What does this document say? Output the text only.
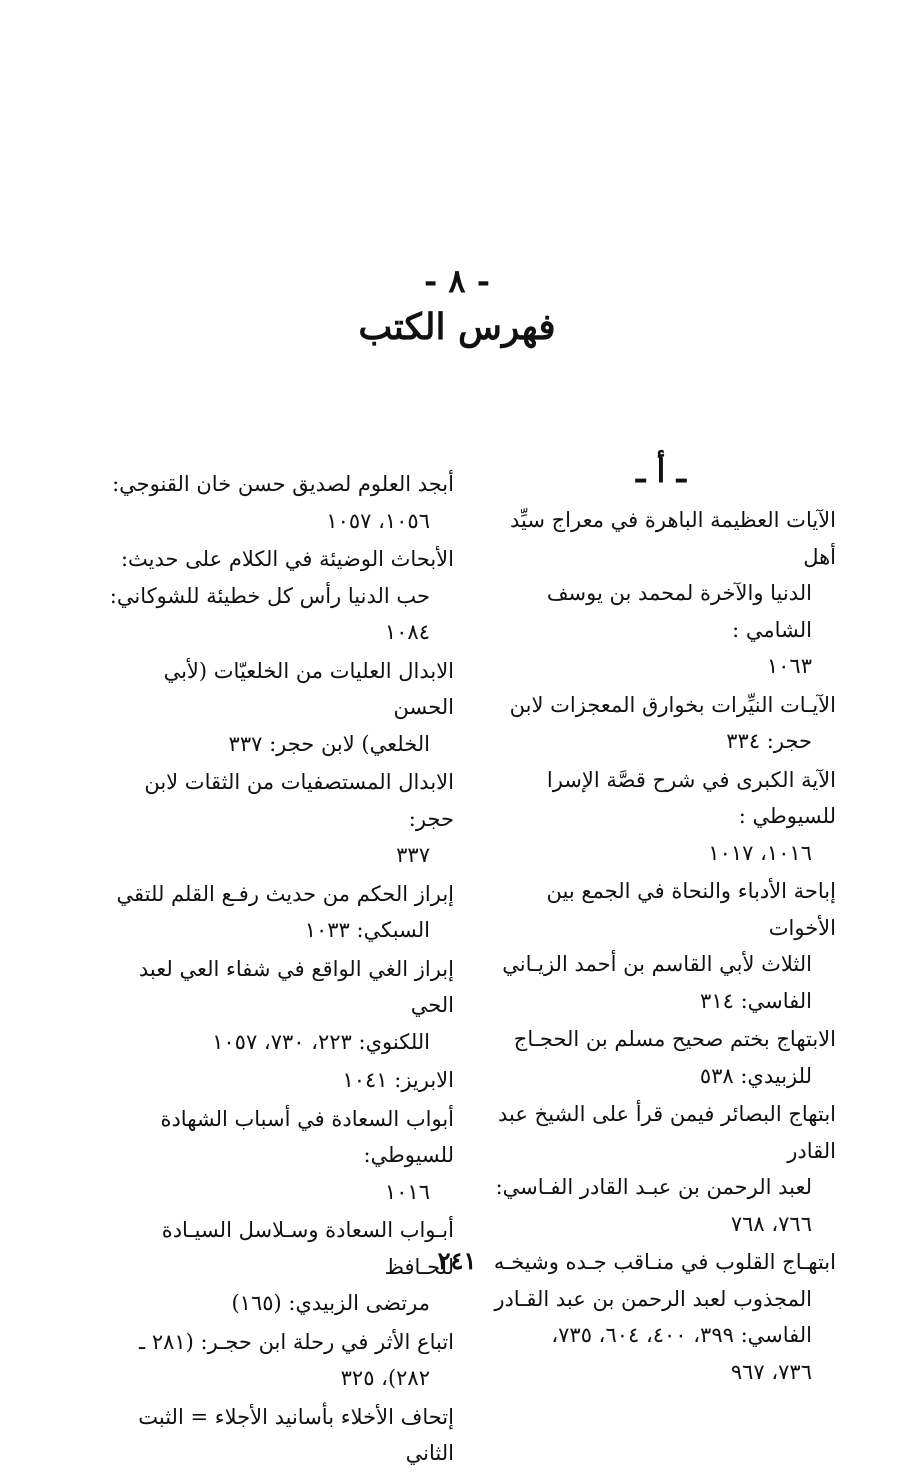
- ٨ -
فهرس الكتب
ـ أ ـ
الآيات العظيمة الباهرة في معراج سيِّد أهل
الدنيا والآخرة لمحمد بن يوسف الشامي :
١٠٦٣
الآيـات النيِّرات بخوارق المعجزات لابن
حجر: ٣٣٤
الآية الكبرى في شرح قصَّة الإسرا للسيوطي :
١٠١٦، ١٠١٧
إباحة الأدباء والنحاة في الجمع بين الأخوات
الثلاث لأبي القاسم بن أحمد الزيـاني
الفاسي: ٣١٤
الابتهاج بختم صحيح مسلم بن الحجـاج
للزبيدي: ٥٣٨
ابتهاج البصائر فيمن قرأ على الشيخ عبد القادر
لعبد الرحمن بن عبـد القادر الفـاسي:
٧٦٦، ٧٦٨
ابتهـاج القلوب في منـاقب جـده وشيخـه
المجذوب لعبد الرحمن بن عبد القـادر
الفاسي: ٣٩٩، ٤٠٠، ٦٠٤، ٧٣٥،
٧٣٦، ٩٦٧
أبجد العلوم لصديق حسن خان القنوجي:
١٠٥٦، ١٠٥٧
الأبحاث الوضيئة في الكلام على حديث:
حب الدنيا رأس كل خطيئة للشوكاني:
١٠٨٤
الابدال العليات من الخلعيّات (لأبي الحسن
الخلعي) لابن حجر: ٣٣٧
الابدال المستصفيات من الثقات لابن حجر:
٣٣٧
إبراز الحكم من حديث رفـع القلم للتقي
السبكي: ١٠٣٣
إبراز الغي الواقع في شفاء العي لعبد الحي
اللكنوي: ٢٢٣، ٧٣٠، ١٠٥٧
الابريز: ١٠٤١
أبواب السعادة في أسباب الشهادة للسيوطي:
١٠١٦
أبـواب السعادة وسـلاسل السيـادة للحـافظ
مرتضى الزبيدي: (١٦٥)
اتباع الأثر في رحلة ابن حجـر: (٢٨١ ـ
٢٨٢)، ٣٢٥
إتحاف الأخلاء بأسانيد الأجلاء = الثبت الثاني
٢٤١
